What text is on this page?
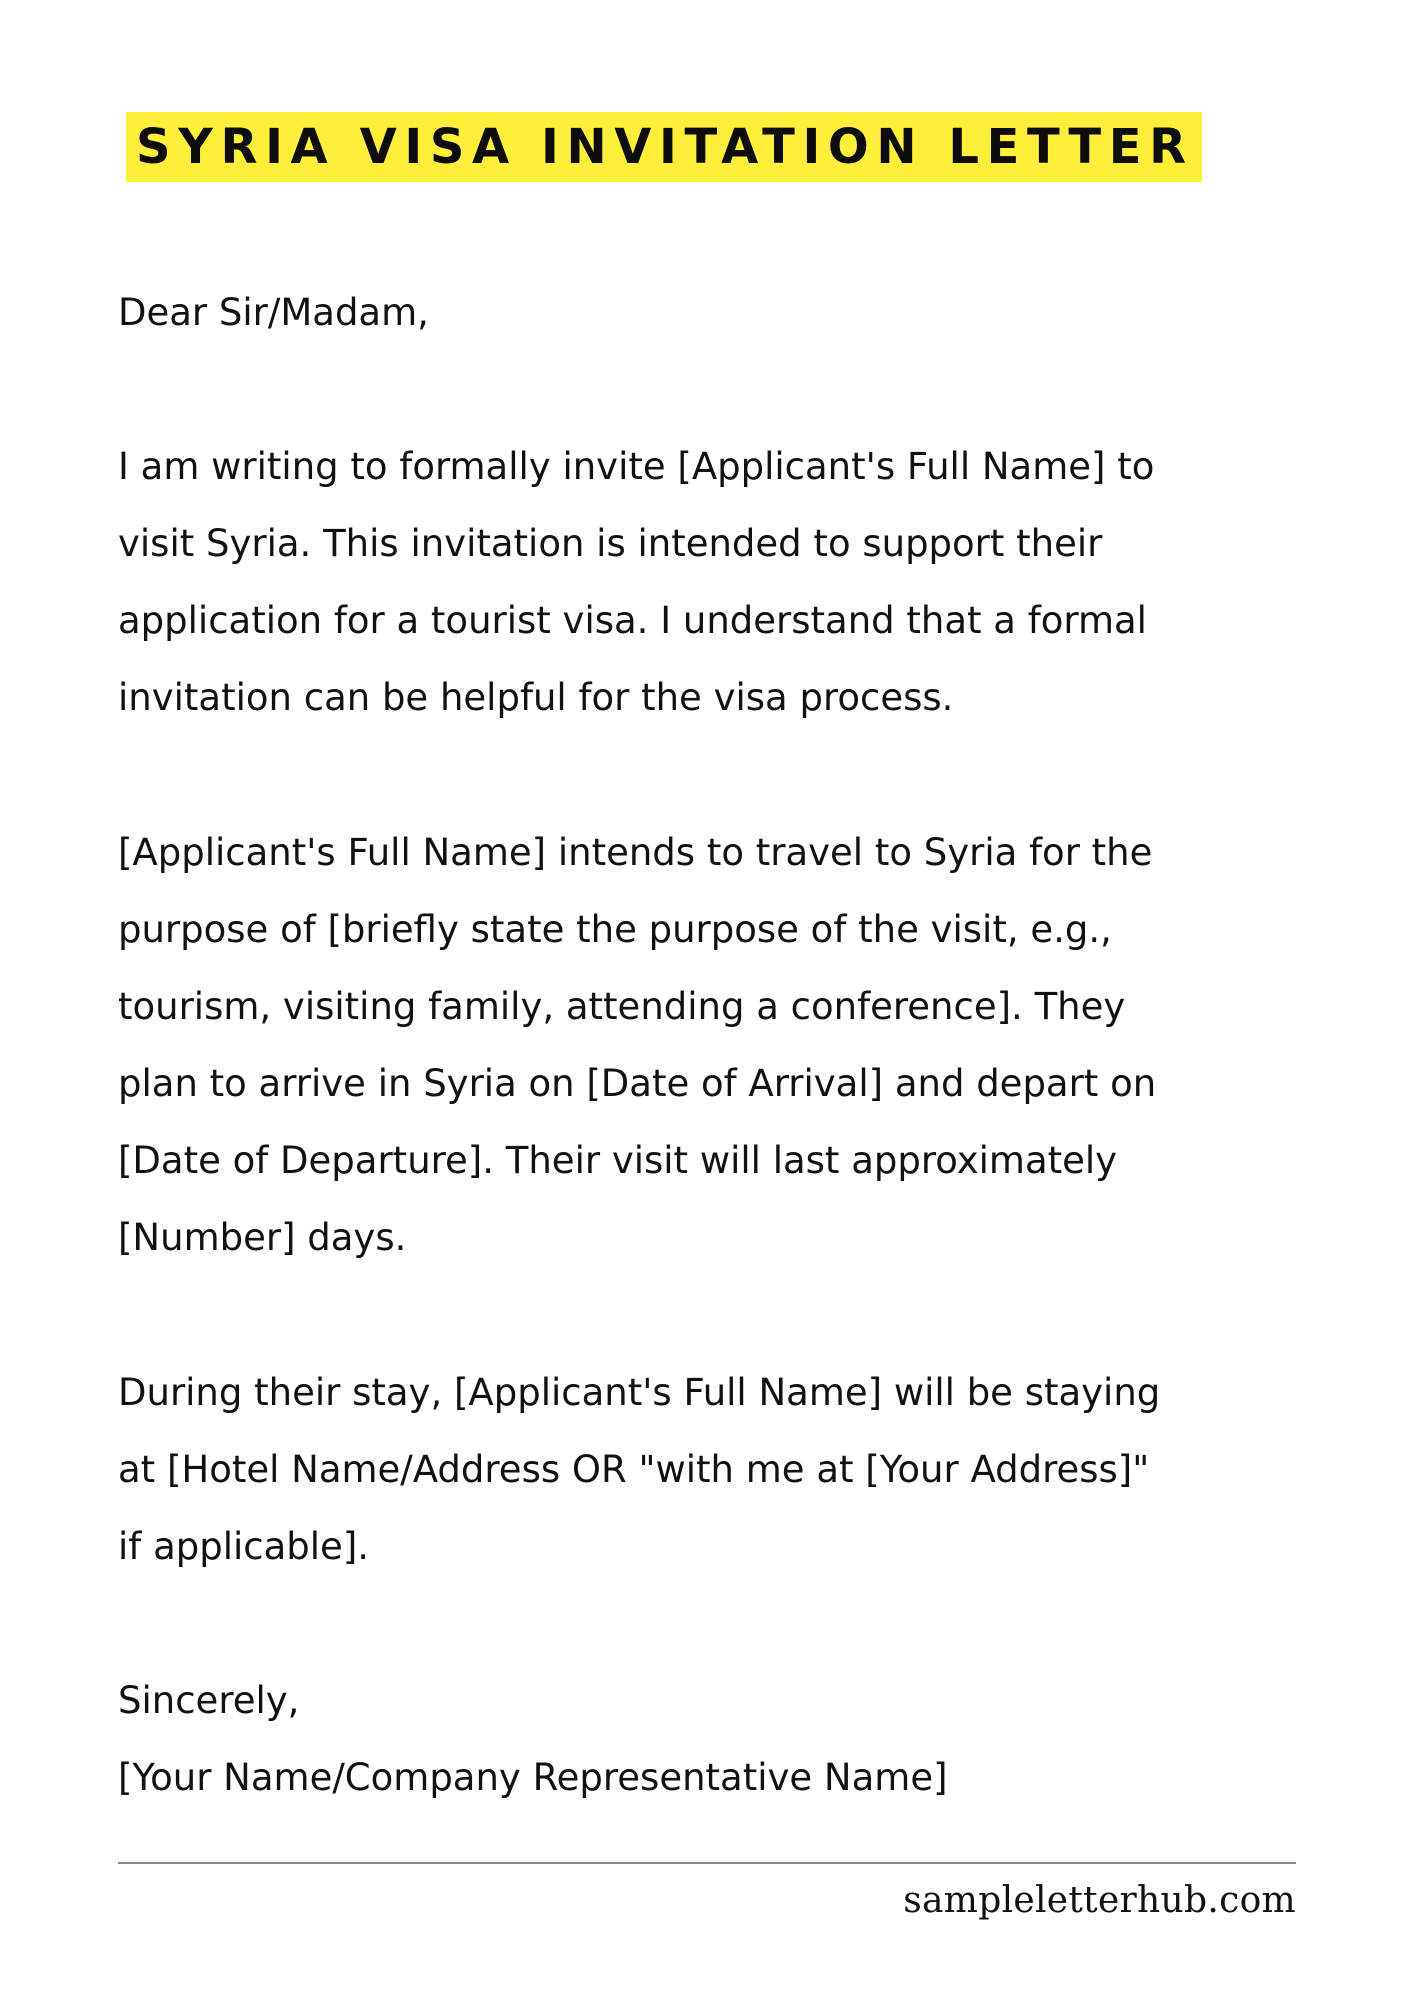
SYRIA VISA INVITATION LETTER

Dear Sir/Madam,

I am writing to formally invite [Applicant's Full Name] to
visit Syria. This invitation is intended to support their
application for a tourist visa. I understand that a formal
invitation can be helpful for the visa process.

[Applicant's Full Name] intends to travel to Syria for the
purpose of [briefly state the purpose of the visit, e.g.,
tourism, visiting family, attending a conference]. They
plan to arrive in Syria on [Date of Arrival] and depart on
[Date of Departure]. Their visit will last approximately
[Number] days.

During their stay, [Applicant's Full Name] will be staying
at [Hotel Name/Address OR "with me at [Your Address]"
if applicable].

Sincerely,
[Your Name/Company Representative Name]

sampleletterhub.com
